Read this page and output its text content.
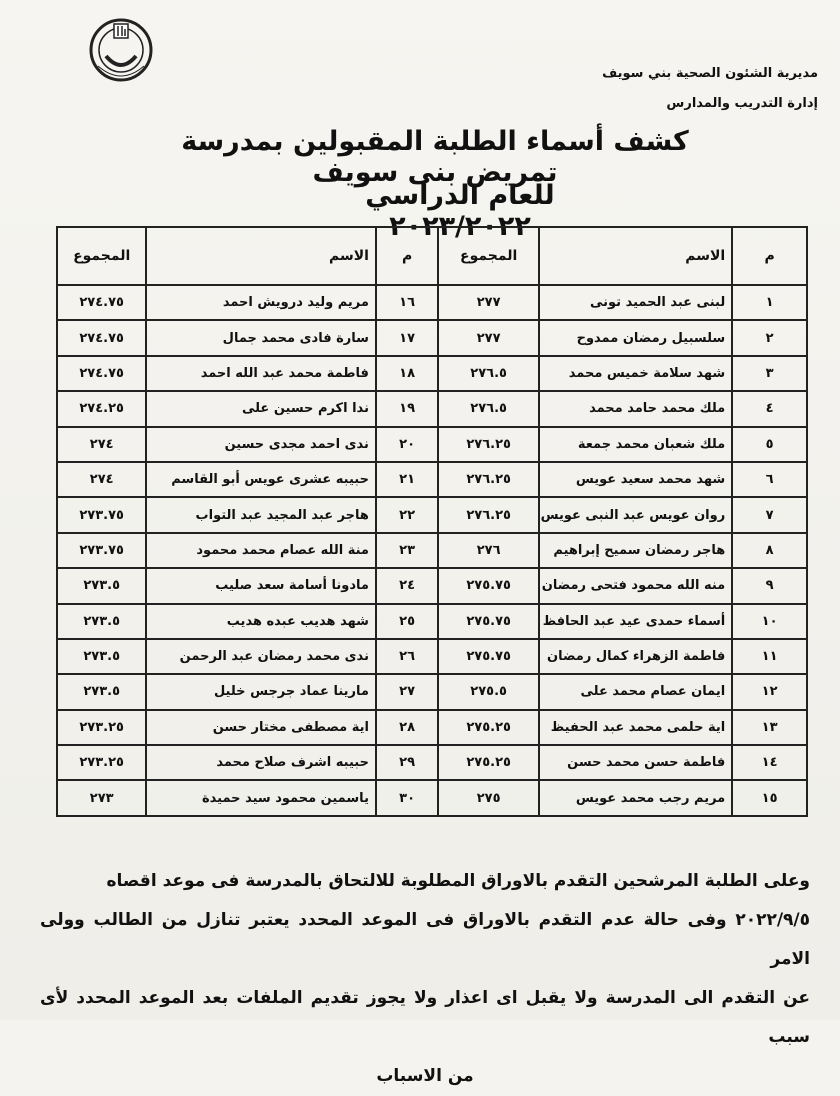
مديرية الشئون الصحية بني سويف
إدارة التدريب والمدارس
كشف أسماء الطلبة المقبولين بمدرسة تمريض بنى سويف
للعام الدراسي ٢٠٢٣/٢٠٢٢
م	الاسم	المجموع	م	الاسم	المجموع
١	لبنى عبد الحميد تونى	٢٧٧	١٦	مريم وليد درويش احمد	٢٧٤.٧٥
٢	سلسبيل رمضان ممدوح	٢٧٧	١٧	سارة فادى محمد جمال	٢٧٤.٧٥
٣	شهد سلامة خميس محمد	٢٧٦.٥	١٨	فاطمة محمد عبد الله احمد	٢٧٤.٧٥
٤	ملك محمد حامد محمد	٢٧٦.٥	١٩	ندا اكرم حسين على	٢٧٤.٢٥
٥	ملك شعبان محمد جمعة	٢٧٦.٢٥	٢٠	ندى احمد مجدى حسين	٢٧٤
٦	شهد محمد سعيد عويس	٢٧٦.٢٥	٢١	حبيبه عشرى عويس أبو القاسم	٢٧٤
٧	روان عويس عبد النبى عويس	٢٧٦.٢٥	٢٢	هاجر عبد المجيد عبد التواب	٢٧٣.٧٥
٨	هاجر رمضان سميح إبراهيم	٢٧٦	٢٣	منة الله عصام محمد محمود	٢٧٣.٧٥
٩	منه الله محمود فتحى رمضان	٢٧٥.٧٥	٢٤	مادونا أسامة سعد صليب	٢٧٣.٥
١٠	أسماء حمدى عيد عبد الحافظ	٢٧٥.٧٥	٢٥	شهد هديب عبده هديب	٢٧٣.٥
١١	فاطمة الزهراء كمال رمضان	٢٧٥.٧٥	٢٦	ندى محمد رمضان عبد الرحمن	٢٧٣.٥
١٢	ايمان عصام محمد على	٢٧٥.٥	٢٧	مارينا عماد جرجس خليل	٢٧٣.٥
١٣	اية حلمى محمد عبد الحفيظ	٢٧٥.٢٥	٢٨	اية مصطفى مختار حسن	٢٧٣.٢٥
١٤	فاطمة حسن محمد حسن	٢٧٥.٢٥	٢٩	حبيبه اشرف صلاح محمد	٢٧٣.٢٥
١٥	مريم رجب محمد عويس	٢٧٥	٣٠	ياسمين محمود سيد حميدة	٢٧٣
وعلى الطلبة المرشحين التقدم بالاوراق المطلوبة للالتحاق بالمدرسة فى موعد اقصاه
٢٠٢٢/٩/٥ وفى حالة عدم التقدم بالاوراق فى الموعد المحدد يعتبر تنازل من الطالب وولى الامر
عن التقدم الى المدرسة ولا يقبل اى اعذار ولا يجوز تقديم الملفات بعد الموعد المحدد لأى سبب

من الاسباب
